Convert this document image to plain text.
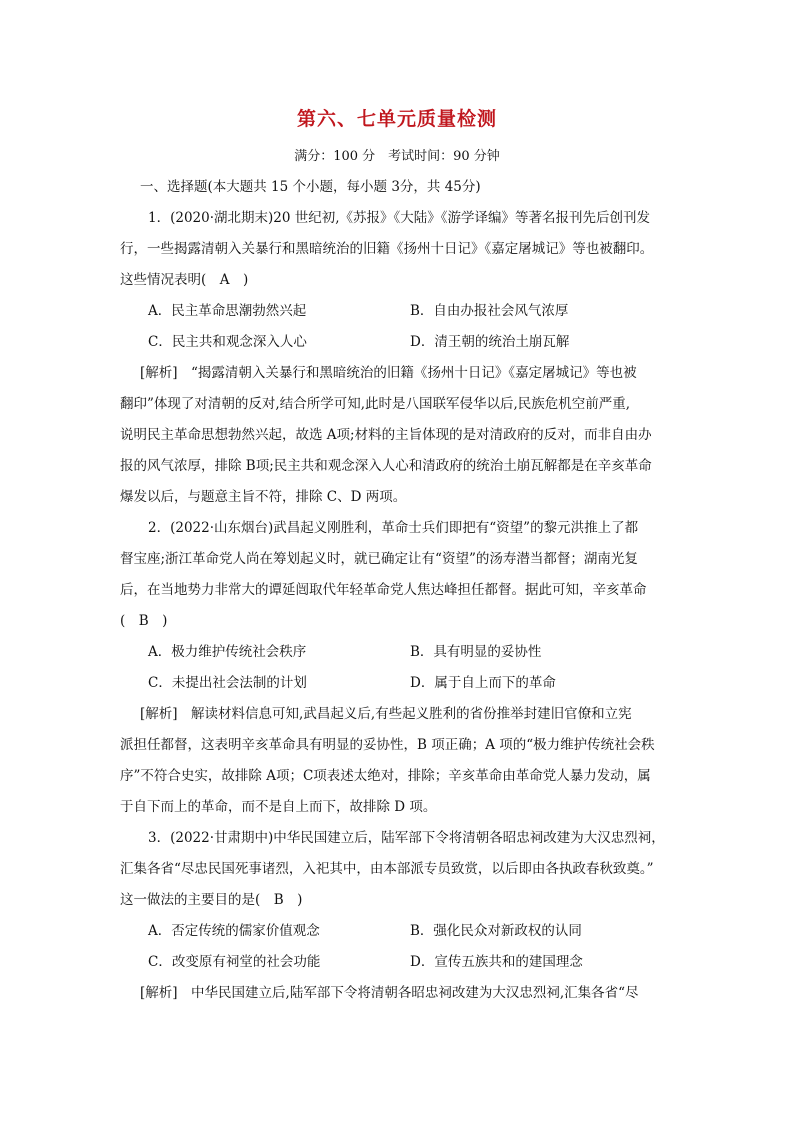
第六、七单元质量检测
满分：100 分　考试时间：90 分钟
一、选择题(本大题共 15 个小题，每小题 3分，共 45分)
1．(2020·湖北期末)20 世纪初,《苏报》《大陆》《游学译编》等著名报刊先后创刊发
行，一些揭露清朝入关暴行和黑暗统治的旧籍《扬州十日记》《嘉定屠城记》等也被翻印。
这些情况表明(　A　)
A．民主革命思潮勃然兴起	B．自由办报社会风气浓厚
C．民主共和观念深入人心	D．清王朝的统治土崩瓦解
[解析]　“揭露清朝入关暴行和黑暗统治的旧籍《扬州十日记》《嘉定屠城记》等也被
翻印”体现了对清朝的反对,结合所学可知,此时是八国联军侵华以后,民族危机空前严重,
说明民主革命思想勃然兴起，故选 A项;材料的主旨体现的是对清政府的反对，而非自由办
报的风气浓厚，排除 B项;民主共和观念深入人心和清政府的统治土崩瓦解都是在辛亥革命
爆发以后，与题意主旨不符，排除 C、D 两项。
2．(2022·山东烟台)武昌起义刚胜利，革命士兵们即把有“资望”的黎元洪推上了都
督宝座;浙江革命党人尚在筹划起义时，就已确定让有“资望”的汤寿潜当都督；湖南光复
后，在当地势力非常大的谭延闿取代年轻革命党人焦达峰担任都督。据此可知，辛亥革命
(　B　)
A．极力维护传统社会秩序	B．具有明显的妥协性
C．未提出社会法制的计划	D．属于自上而下的革命
[解析]　解读材料信息可知,武昌起义后,有些起义胜利的省份推举封建旧官僚和立宪
派担任都督，这表明辛亥革命具有明显的妥协性，B 项正确；A 项的“极力维护传统社会秩
序”不符合史实，故排除 A项；C项表述太绝对，排除；辛亥革命由革命党人暴力发动，属
于自下而上的革命，而不是自上而下，故排除 D 项。
3．(2022·甘肃期中)中华民国建立后，陆军部下令将清朝各昭忠祠改建为大汉忠烈祠，
汇集各省“尽忠民国死事诸烈，入祀其中，由本部派专员致赏，以后即由各执政春秋致奠。”
这一做法的主要目的是(　B　)
A．否定传统的儒家价值观念	B．强化民众对新政权的认同
C．改变原有祠堂的社会功能	D．宣传五族共和的建国理念
[解析]　中华民国建立后,陆军部下令将清朝各昭忠祠改建为大汉忠烈祠,汇集各省“尽
